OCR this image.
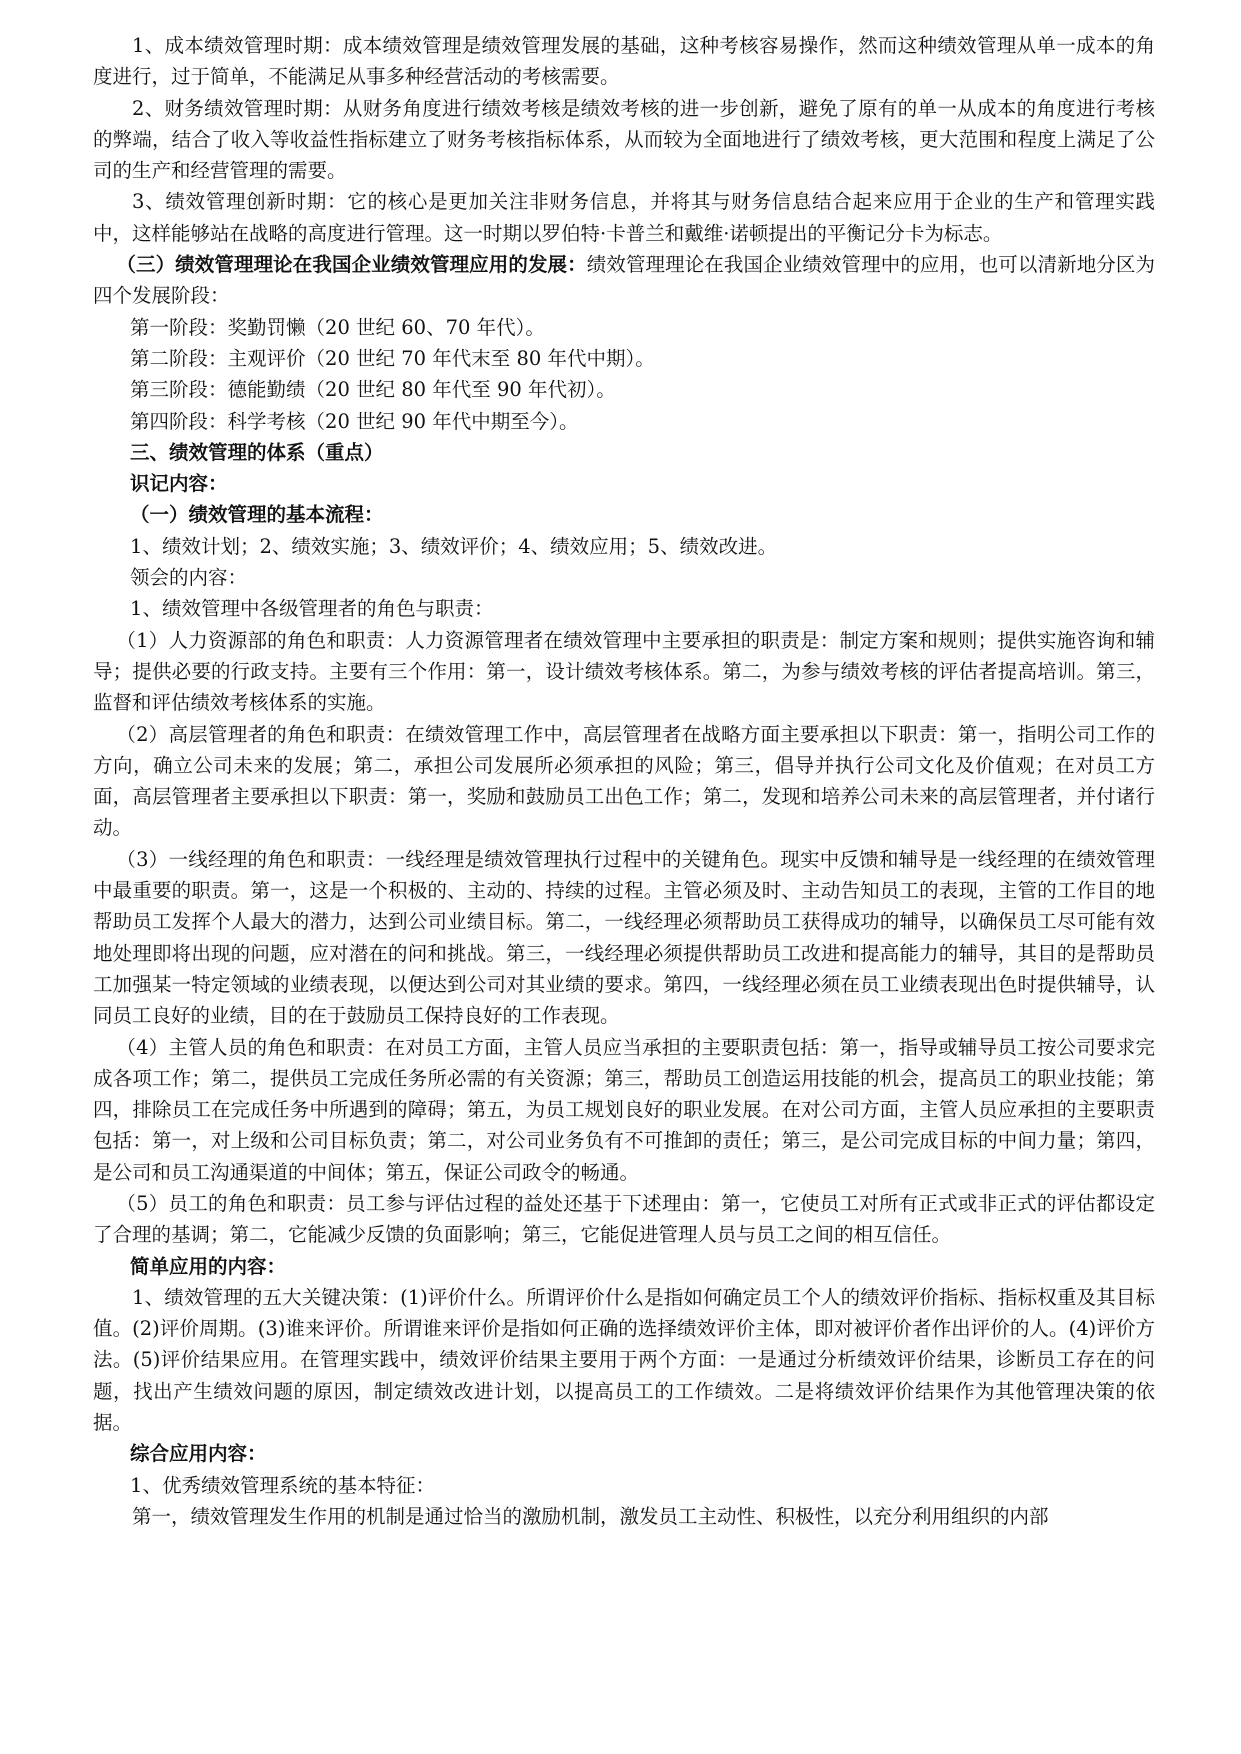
1、成本绩效管理时期：成本绩效管理是绩效管理发展的基础，这种考核容易操作，然而这种绩效管理从单一成本的角度进行，过于简单，不能满足从事多种经营活动的考核需要。

2、财务绩效管理时期：从财务角度进行绩效考核是绩效考核的进一步创新，避免了原有的单一从成本的角度进行考核的弊端，结合了收入等收益性指标建立了财务考核指标体系，从而较为全面地进行了绩效考核，更大范围和程度上满足了公司的生产和经营管理的需要。

3、绩效管理创新时期：它的核心是更加关注非财务信息，并将其与财务信息结合起来应用于企业的生产和管理实践中，这样能够站在战略的高度进行管理。这一时期以罗伯特·卡普兰和戴维·诺顿提出的平衡记分卡为标志。

（三）绩效管理理论在我国企业绩效管理应用的发展：绩效管理理论在我国企业绩效管理中的应用，也可以清新地分区为四个发展阶段：

第一阶段：奖勤罚懒（20 世纪 60、70 年代）。

第二阶段：主观评价（20 世纪 70 年代末至 80 年代中期）。

第三阶段：德能勤绩（20 世纪 80 年代至 90 年代初）。

第四阶段：科学考核（20 世纪 90 年代中期至今）。

三、绩效管理的体系（重点）

识记内容：

（一）绩效管理的基本流程：

1、绩效计划；2、绩效实施；3、绩效评价；4、绩效应用；5、绩效改进。

领会的内容：

1、绩效管理中各级管理者的角色与职责：

（1）人力资源部的角色和职责：人力资源管理者在绩效管理中主要承担的职责是：制定方案和规则；提供实施咨询和辅导；提供必要的行政支持。主要有三个作用：第一，设计绩效考核体系。第二，为参与绩效考核的评估者提高培训。第三，监督和评估绩效考核体系的实施。

（2）高层管理者的角色和职责：在绩效管理工作中，高层管理者在战略方面主要承担以下职责：第一，指明公司工作的方向，确立公司未来的发展；第二，承担公司发展所必须承担的风险；第三，倡导并执行公司文化及价值观；在对员工方面，高层管理者主要承担以下职责：第一，奖励和鼓励员工出色工作；第二，发现和培养公司未来的高层管理者，并付诸行动。

（3）一线经理的角色和职责：一线经理是绩效管理执行过程中的关键角色。现实中反馈和辅导是一线经理的在绩效管理中最重要的职责。第一，这是一个积极的、主动的、持续的过程。主管必须及时、主动告知员工的表现，主管的工作目的地帮助员工发挥个人最大的潜力，达到公司业绩目标。第二，一线经理必须帮助员工获得成功的辅导，以确保员工尽可能有效地处理即将出现的问题，应对潜在的问和挑战。第三，一线经理必须提供帮助员工改进和提高能力的辅导，其目的是帮助员工加强某一特定领域的业绩表现，以便达到公司对其业绩的要求。第四，一线经理必须在员工业绩表现出色时提供辅导，认同员工良好的业绩，目的在于鼓励员工保持良好的工作表现。

（4）主管人员的角色和职责：在对员工方面，主管人员应当承担的主要职责包括：第一，指导或辅导员工按公司要求完成各项工作；第二，提供员工完成任务所必需的有关资源；第三，帮助员工创造运用技能的机会，提高员工的职业技能；第四，排除员工在完成任务中所遇到的障碍；第五，为员工规划良好的职业发展。在对公司方面，主管人员应承担的主要职责包括：第一，对上级和公司目标负责；第二，对公司业务负有不可推卸的责任；第三，是公司完成目标的中间力量；第四，是公司和员工沟通渠道的中间体；第五，保证公司政令的畅通。

（5）员工的角色和职责：员工参与评估过程的益处还基于下述理由：第一，它使员工对所有正式或非正式的评估都设定了合理的基调；第二，它能减少反馈的负面影响；第三，它能促进管理人员与员工之间的相互信任。

简单应用的内容：

1、绩效管理的五大关键决策：(1)评价什么。所谓评价什么是指如何确定员工个人的绩效评价指标、指标权重及其目标值。(2)评价周期。(3)谁来评价。所谓谁来评价是指如何正确的选择绩效评价主体，即对被评价者作出评价的人。(4)评价方法。(5)评价结果应用。在管理实践中，绩效评价结果主要用于两个方面：一是通过分析绩效评价结果，诊断员工存在的问题，找出产生绩效问题的原因，制定绩效改进计划，以提高员工的工作绩效。二是将绩效评价结果作为其他管理决策的依据。

综合应用内容：

1、优秀绩效管理系统的基本特征：

第一，绩效管理发生作用的机制是通过恰当的激励机制，激发员工主动性、积极性，以充分利用组织的内部
